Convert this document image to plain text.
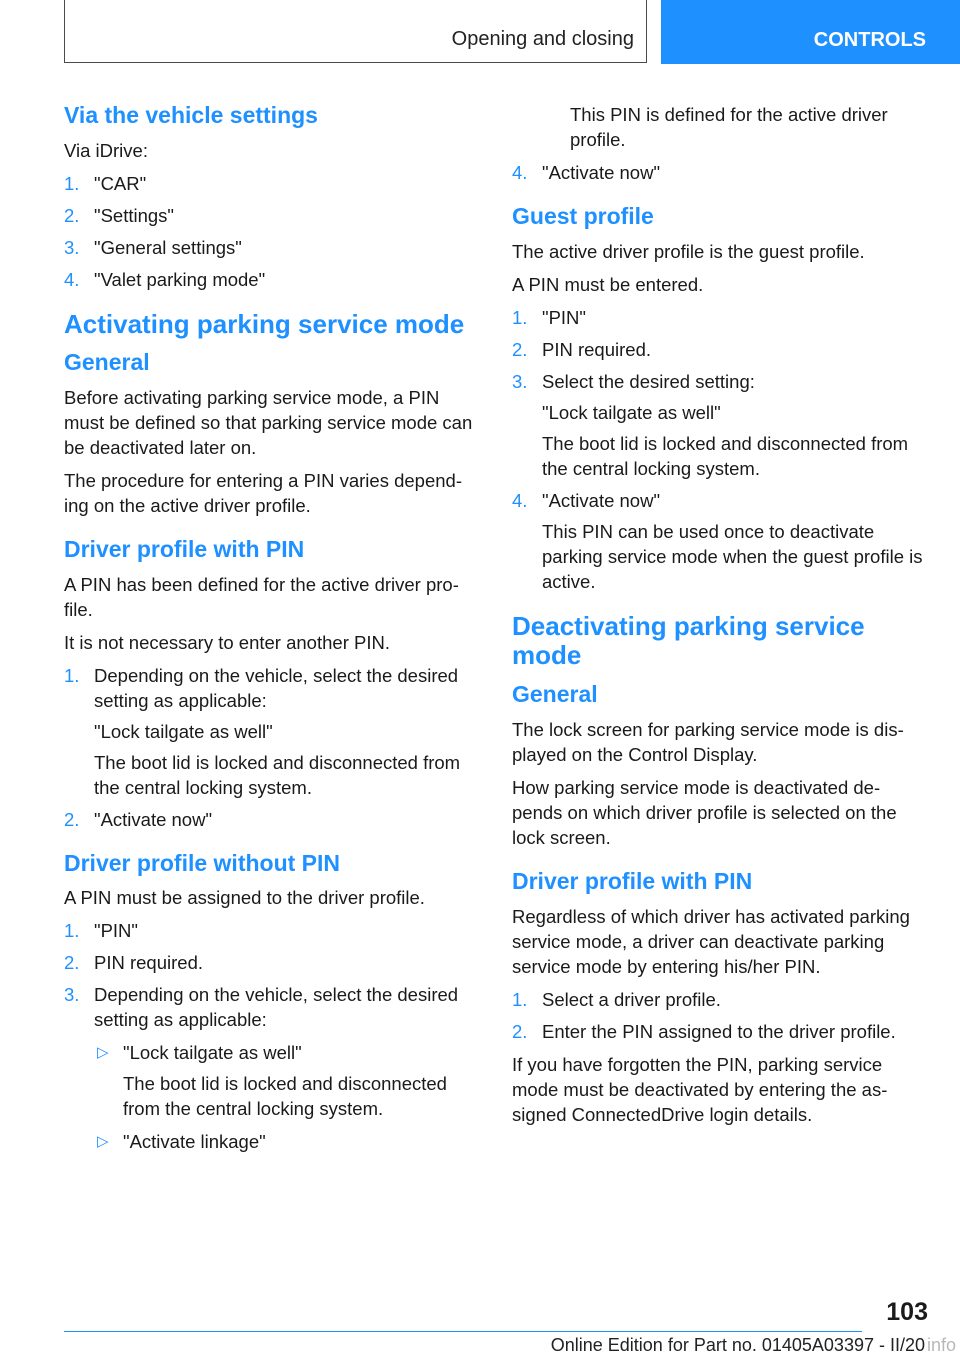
Opening and closing	CONTROLS
Via the vehicle settings
Via iDrive:
1. "CAR"
2. "Settings"
3. "General settings"
4. "Valet parking mode"
Activating parking service mode
General
Before activating parking service mode, a PIN must be defined so that parking service mode can be deactivated later on.
The procedure for entering a PIN varies depend-ing on the active driver profile.
Driver profile with PIN
A PIN has been defined for the active driver pro-file.
It is not necessary to enter another PIN.
1. Depending on the vehicle, select the desired setting as applicable:
"Lock tailgate as well"
The boot lid is locked and disconnected from the central locking system.
2. "Activate now"
Driver profile without PIN
A PIN must be assigned to the driver profile.
1. "PIN"
2. PIN required.
3. Depending on the vehicle, select the desired setting as applicable:
▷ "Lock tailgate as well"
The boot lid is locked and disconnected from the central locking system.
▷ "Activate linkage"
This PIN is defined for the active driver profile.
4. "Activate now"
Guest profile
The active driver profile is the guest profile.
A PIN must be entered.
1. "PIN"
2. PIN required.
3. Select the desired setting:
"Lock tailgate as well"
The boot lid is locked and disconnected from the central locking system.
4. "Activate now"
This PIN can be used once to deactivate parking service mode when the guest profile is active.
Deactivating parking service mode
General
The lock screen for parking service mode is dis-played on the Control Display.
How parking service mode is deactivated de-pends on which driver profile is selected on the lock screen.
Driver profile with PIN
Regardless of which driver has activated parking service mode, a driver can deactivate parking service mode by entering his/her PIN.
1. Select a driver profile.
2. Enter the PIN assigned to the driver profile.
If you have forgotten the PIN, parking service mode must be deactivated by entering the as-signed ConnectedDrive login details.
103
Online Edition for Part no. 01405A03397 - II/20 info
